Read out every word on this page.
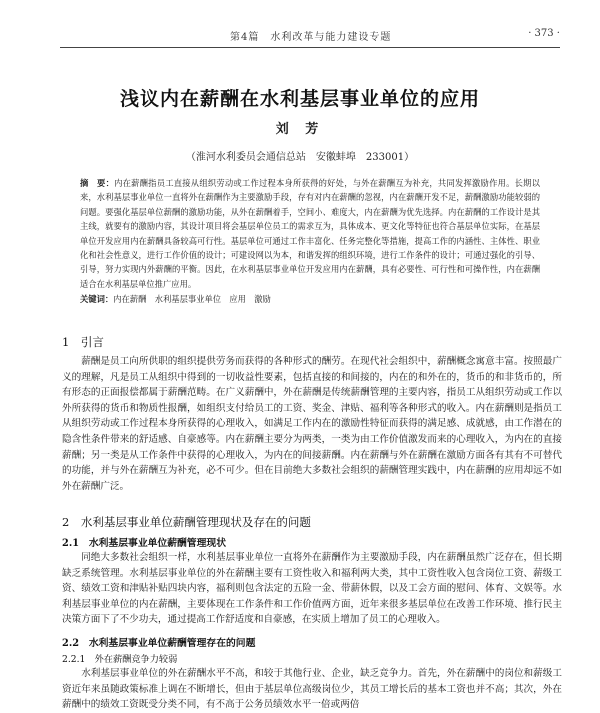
第4篇　水利改革与能力建设专题	· 373 ·
浅议内在薪酬在水利基层事业单位的应用
刘 芳
（淮河水利委员会通信总站　安徽蚌埠　233001）
摘　要：内在薪酬指员工直接从组织劳动或工作过程本身所获得的好处，与外在薪酬互为补充，共同发挥激励作用。长期以来，水利基层事业单位一直将外在薪酬作为主要激励手段，存有对内在薪酬的忽视，内在薪酬开发不足，薪酬激励功能较弱的问题。要强化基层单位薪酬的激励功能，从外在薪酬着手，空间小、难度大，内在薪酬为优先选择。内在薪酬的工作设计是其主线，就要有的激励内容，其设计项目将会基层单位员工的需求互为，具体成本、更文化等特征也符合基层单位实际，在基层单位开发应用内在薪酬具备较高可行性。基层单位可通过工作丰富化、任务完整化等措施，提高工作的内涵性、主体性、职业化和社会性意义，进行工作价值的设计；可建设网以为本，和谐发挥的组织环境，进行工作条件的设计；可通过强化的引导、引导，努力实现内外薪酬的平衡。因此，在水利基层事业单位开发应用内在薪酬，具有必要性、可行性和可操作性，内在薪酬适合在水利基层单位推广应用。
关键词：内在薪酬　水利基层事业单位　应用　激励
1　引言
薪酬是员工向所供职的组织提供劳务而获得的各种形式的酬劳。在现代社会组织中，薪酬概念寓意丰富。按照最广义的理解，凡是员工从组织中得到的一切收益性要素，包括直接的和间接的，内在的和外在的，货币的和非货币的，所有形态的正面报偿都属于薪酬范畴。在广义薪酬中，外在薪酬是传统薪酬管理的主要内容，指员工从组织劳动或工作以外所获得的货币和物质性报酬，如组织支付给员工的工资、奖金、津贴、福利等各种形式的收入。内在薪酬则是指员工从组织劳动或工作过程本身所获得的心理收入，如满足工作内在的激励性特征而获得的满足感、成就感，由工作潜在的隐含性条件带来的舒适感、自豪感等。内在薪酬主要分为两类，一类为由工作价值激发而来的心理收入，为内在的直接薪酬；另一类是从工作条件中获得的心理收入，为内在的间接薪酬。内在薪酬与外在薪酬在激励方面各有其有不可替代的功能，并与外在薪酬互为补充，必不可少。但在目前绝大多数社会组织的薪酬管理实践中，内在薪酬的应用却远不如外在薪酬广泛。
2　水利基层事业单位薪酬管理现状及存在的问题
2.1　水利基层事业单位薪酬管理现状
同绝大多数社会组织一样，水利基层事业单位一直将外在薪酬作为主要激励手段，内在薪酬虽然广泛存在，但长期缺乏系统管理。水利基层事业单位的外在薪酬主要有工资性收入和福利两大类，其中工资性收入包含岗位工资、薪级工资、绩效工资和津贴补贴四块内容，福利则包含法定的五险一金、带薪休假，以及工会方面的慰问、体育、文娱等。水利基层事业单位的内在薪酬，主要体现在工作条件和工作价值两方面，近年来很多基层单位在改善工作环境、推行民主决策方面下了不少功夫，通过提高工作舒适度和自豪感，在实质上增加了员工的心理收入。
2.2　水利基层事业单位薪酬管理存在的问题
2.2.1　外在薪酬竞争力较弱
水利基层事业单位的外在薪酬水平不高，和较于其他行业、企业，缺乏竞争力。首先，外在薪酬中的岗位和薪级工资近年来虽随政策标准上调在不断增长，但由于基层单位高级岗位少，其员工增长后的基本工资也并不高；其次，外在薪酬中的绩效工资既受分类不同，有不高于公务员绩效水平一倍或两倍
